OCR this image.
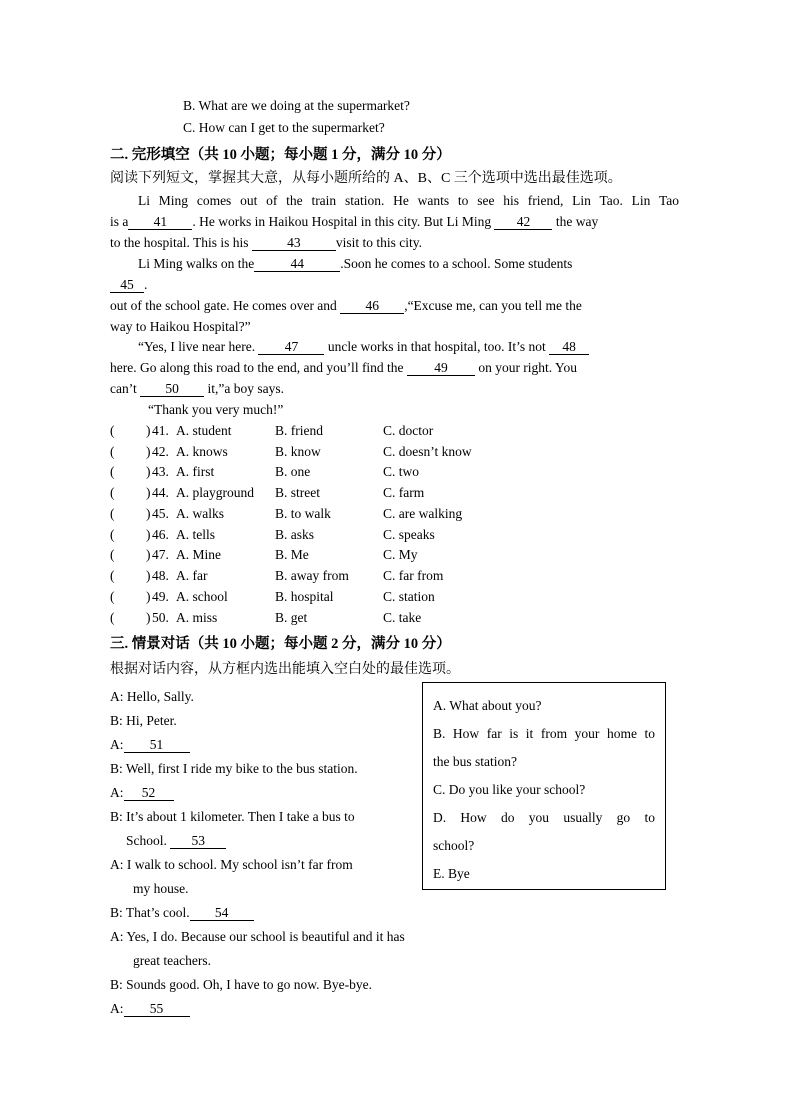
B. What are we doing at the supermarket?
C. How can I get to the supermarket?
二. 完形填空（共 10 小题；每小题 1 分，满分 10 分）
阅读下列短文，掌握其大意，从每小题所给的 A、B、C 三个选项中选出最佳选项。
Li Ming comes out of the train station. He wants to see his friend, Lin Tao. Lin Tao
is a 41 . He works in Haikou Hospital in this city. But Li Ming 42 the way
to the hospital. This is his	43	visit to this city.
Li Ming walks on the	44	.Soon he comes to a school. Some students
45 .
out of the school gate. He comes over and 46 ,“Excuse me, can you tell me the
way to Haikou Hospital?”
“Yes, I live near here. 47 uncle works in that hospital, too. It’s not 48
here. Go along this road to the end, and you’ll find the 49 on your right. You
can’t 50 it,”a boy says.
“Thank you very much!”
( ) 41. A. student	B. friend	C. doctor
( ) 42. A. knows	B. know	C. doesn’t know
( ) 43. A. first	B. one	C. two
( ) 44. A. playground B. street	C. farm
( ) 45. A. walks	B. to walk	C. are walking
( ) 46. A. tells	B. asks	C. speaks
( ) 47. A. Mine	B. Me	C. My
( ) 48. A. far	B. away from	C. far from
( ) 49. A. school	B. hospital	C. station
( ) 50. A. miss	B. get	C. take
三. 情景对话（共 10 小题；每小题 2 分，满分 10 分）
根据对话内容，从方框内选出能填入空白处的最佳选项。
A: Hello, Sally.
B: Hi, Peter.
A: 51
B: Well, first I ride my bike to the bus station.
A: 52
B: It’s about 1 kilometer. Then I take a bus to
School. 53
A: I walk to school. My school isn’t far from
my house.
B: That’s cool. 54
A: Yes, I do. Because our school is beautiful and it has
great teachers.
B: Sounds good. Oh, I have to go now. Bye-bye.
A: 55
A. What about you?
B. How far is it from your home to
the bus station?
C. Do you like your school?
D. How do you usually go to
school?
E. Bye
